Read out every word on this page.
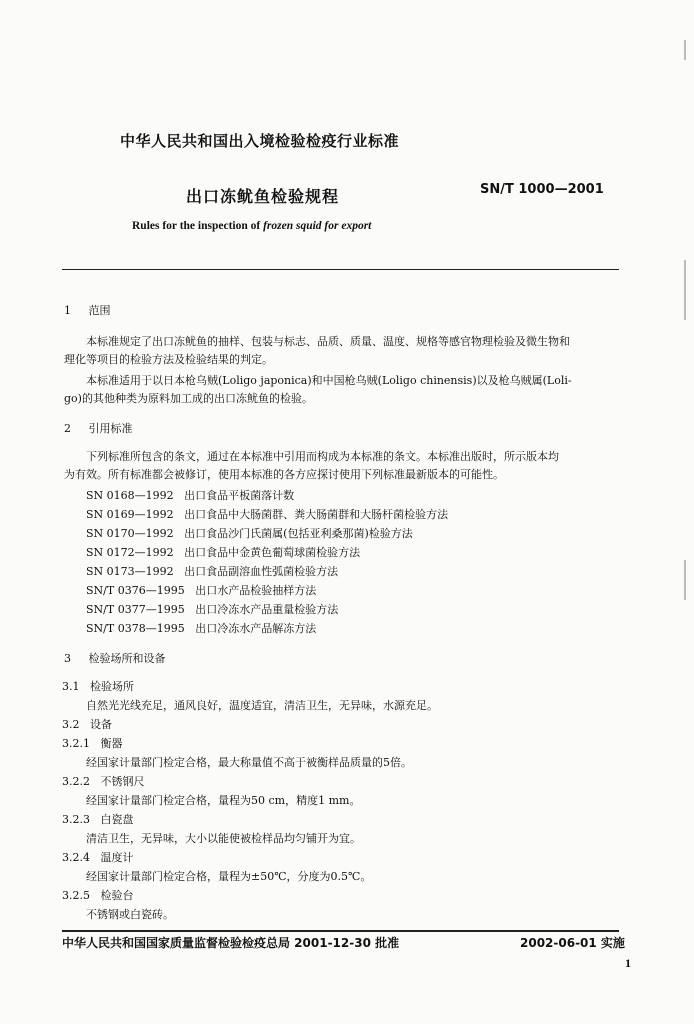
中华人民共和国出入境检验检疫行业标准
出口冻鱿鱼检验规程	SN/T 1000—2001
Rules for the inspection of frozen squid for export
1 范围
本标准规定了出口冻鱿鱼的抽样、包装与标志、品质、质量、温度、规格等感官物理检验及微生物和
理化等项目的检验方法及检验结果的判定。
本标准适用于以日本枪乌贼(Loligo japonica)和中国枪乌贼(Loligo chinensis)以及枪乌贼属(Loli-
go)的其他种类为原料加工成的出口冻鱿鱼的检验。
2 引用标准
下列标准所包含的条文，通过在本标准中引用而构成为本标准的条文。本标准出版时，所示版本均
为有效。所有标准都会被修订，使用本标准的各方应探讨使用下列标准最新版本的可能性。
SN 0168—1992 出口食品平板菌落计数
SN 0169—1992 出口食品中大肠菌群、粪大肠菌群和大肠杆菌检验方法
SN 0170—1992 出口食品沙门氏菌属(包括亚利桑那菌)检验方法
SN 0172—1992 出口食品中金黄色葡萄球菌检验方法
SN 0173—1992 出口食品副溶血性弧菌检验方法
SN/T 0376—1995 出口水产品检验抽样方法
SN/T 0377—1995 出口冷冻水产品重量检验方法
SN/T 0378—1995 出口冷冻水产品解冻方法
3 检验场所和设备
3.1 检验场所
自然光光线充足，通风良好，温度适宜，清洁卫生，无异味，水源充足。
3.2 设备
3.2.1 衡器
经国家计量部门检定合格，最大称量值不高于被衡样品质量的5倍。
3.2.2 不锈钢尺
经国家计量部门检定合格，量程为50 cm，精度1 mm。
3.2.3 白瓷盘
清洁卫生，无异味，大小以能使被检样品均匀铺开为宜。
3.2.4 温度计
经国家计量部门检定合格，量程为±50℃，分度为0.5℃。
3.2.5 检验台
不锈钢或白瓷砖。
中华人民共和国国家质量监督检验检疫总局 2001-12-30 批准	2002-06-01 实施
1
